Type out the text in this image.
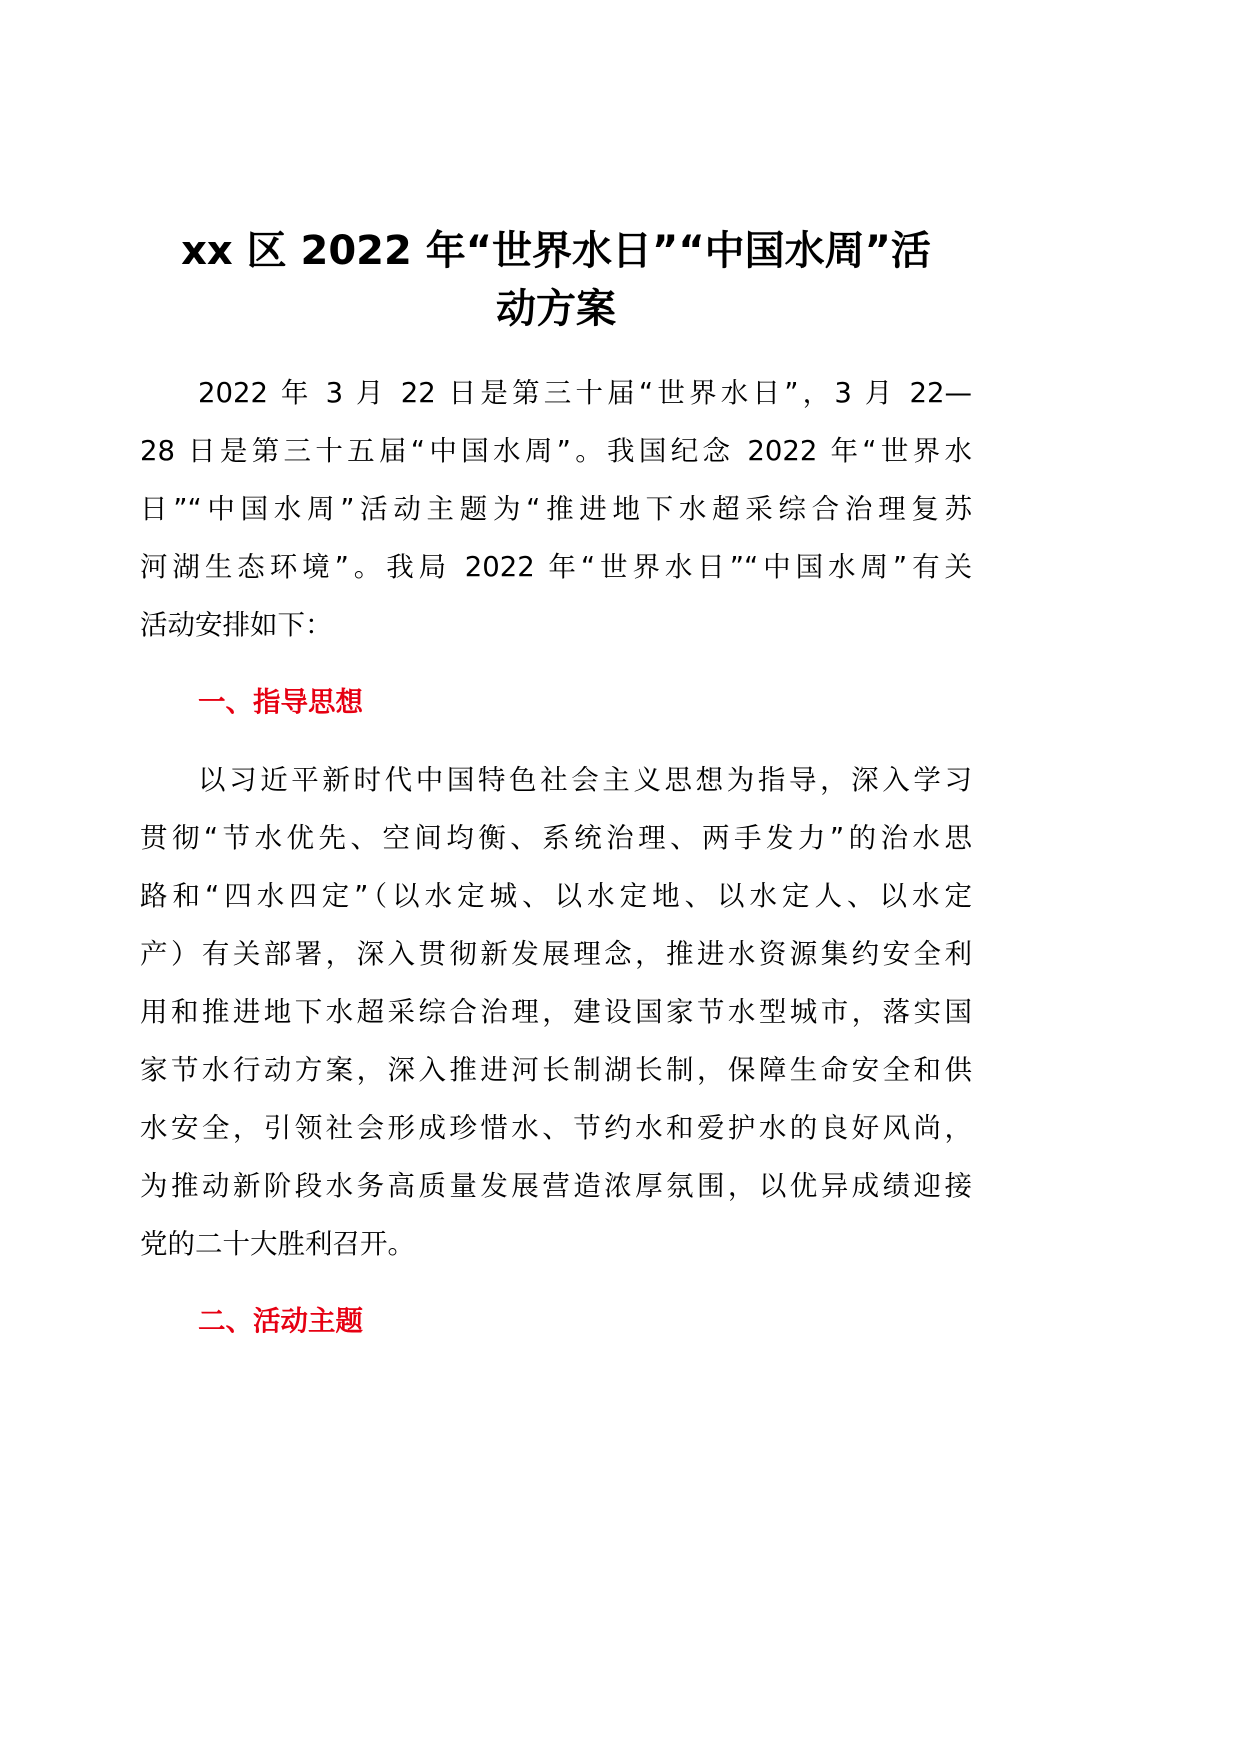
xx 区 2022 年“世界水日”“中国水周”活
动方案

2022 年 3 月 22 日是第三十届“世界水日”，3 月 22—

28 日是第三十五届“中国水周”。我国纪念 2022 年“世界水

日”“中国水周”活动主题为“推进地下水超采综合治理复苏

河湖生态环境”。我局 2022 年“世界水日”“中国水周”有关

活动安排如下：

一、指导思想

以习近平新时代中国特色社会主义思想为指导，深入学习

贯彻“节水优先、空间均衡、系统治理、两手发力”的治水思

路和“四水四定”（以水定城、以水定地、以水定人、以水定

产）有关部署，深入贯彻新发展理念，推进水资源集约安全利

用和推进地下水超采综合治理，建设国家节水型城市，落实国

家节水行动方案，深入推进河长制湖长制，保障生命安全和供

水安全，引领社会形成珍惜水、节约水和爱护水的良好风尚，

为推动新阶段水务高质量发展营造浓厚氛围，以优异成绩迎接

党的二十大胜利召开。

二、活动主题
